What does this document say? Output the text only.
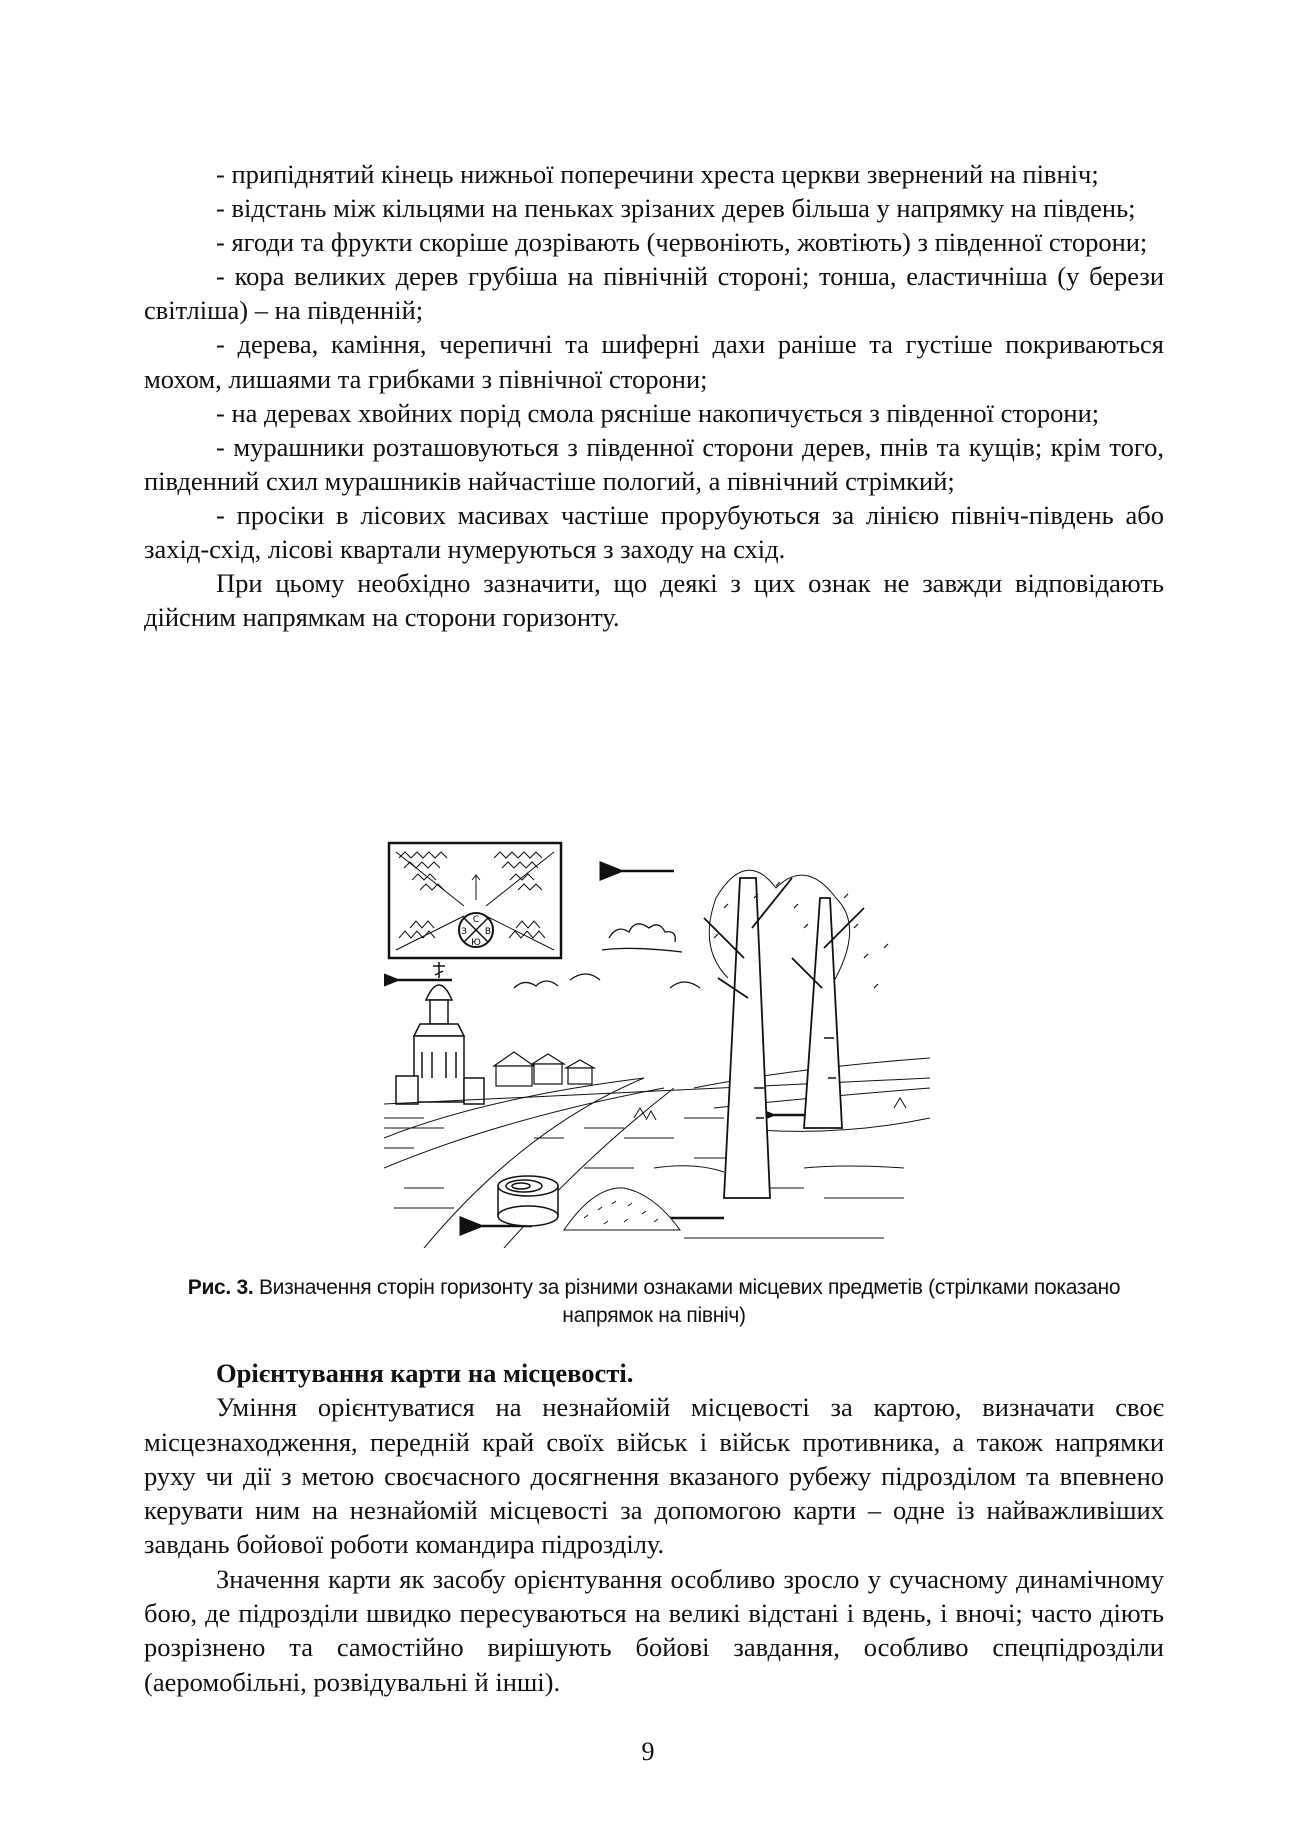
- припіднятий кінець нижньої поперечини хреста церкви звернений на північ;

- відстань між кільцями на пеньках зрізаних дерев більша у напрямку на південь;

- ягоди та фрукти скоріше дозрівають (червоніють, жовтіють) з південної сторони;

- кора великих дерев грубіша на північній стороні; тонша, еластичніша (у берези світліша) – на південній;

- дерева, каміння, черепичні та шиферні дахи раніше та густіше покриваються мохом, лишаями та грибками з північної сторони;

- на деревах хвойних порід смола рясніше накопичується з південної сторони;

- мурашники розташовуються з південної сторони дерев, пнів та кущів; крім того, південний схил мурашників найчастіше пологий, а північний стрімкий;

- просіки в лісових масивах частіше прорубуються за лінією північ-південь або захід-схід, лісові квартали нумеруються з заходу на схід.

При цьому необхідно зазначити, що деякі з цих ознак не завжди відповідають дійсним напрямкам на сторони горизонту.

С
З В
Ю
Рис. 3. Визначення сторін горизонту за різними ознаками місцевих предметів (стрілками показано напрямок на північ)

Орієнтування карти на місцевості.

Уміння орієнтуватися на незнайомій місцевості за картою, визначати своє місцезнаходження, передній край своїх військ і військ противника, а також напрямки руху чи дії з метою своєчасного досягнення вказаного рубежу підрозділом та впевнено керувати ним на незнайомій місцевості за допомогою карти – одне із найважливіших завдань бойової роботи командира підрозділу.

Значення карти як засобу орієнтування особливо зросло у сучасному динамічному бою, де підрозділи швидко пересуваються на великі відстані і вдень, і вночі; часто діють розрізнено та самостійно вирішують бойові завдання, особливо спецпідрозділи (аеромобільні, розвідувальні й інші).

9
